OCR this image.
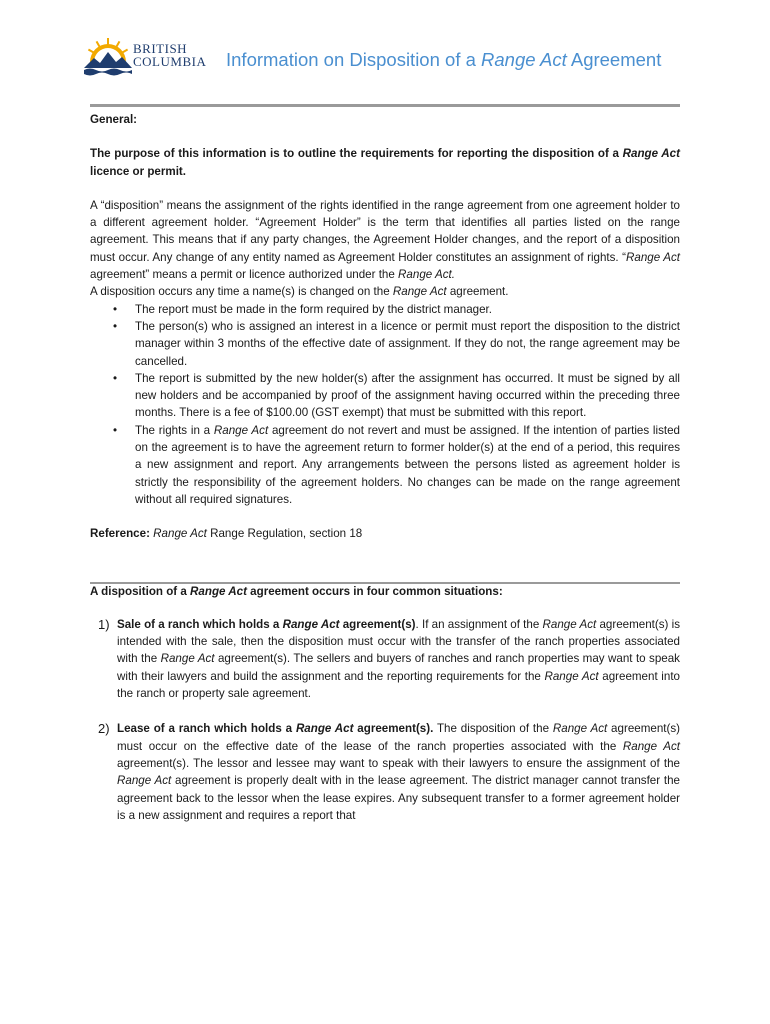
BRITISH
COLUMBIA Information on Disposition of a Range Act Agreement

General:

The purpose of this information is to outline the requirements for reporting the disposition of a Range Act licence or permit.

A “disposition” means the assignment of the rights identified in the range agreement from one agreement holder to a different agreement holder. “Agreement Holder” is the term that identifies all parties listed on the range agreement. This means that if any party changes, the Agreement Holder changes, and the report of a disposition must occur. Any change of any entity named as Agreement Holder constitutes an assignment of rights. “Range Act agreement” means a permit or licence authorized under the Range Act.

A disposition occurs any time a name(s) is changed on the Range Act agreement.

• The report must be made in the form required by the district manager.
• The person(s) who is assigned an interest in a licence or permit must report the disposition to the district manager within 3 months of the effective date of assignment. If they do not, the range agreement may be cancelled.
• The report is submitted by the new holder(s) after the assignment has occurred. It must be signed by all new holders and be accompanied by proof of the assignment having occurred within the preceding three months. There is a fee of $100.00 (GST exempt) that must be submitted with this report.
• The rights in a Range Act agreement do not revert and must be assigned. If the intention of parties listed on the agreement is to have the agreement return to former holder(s) at the end of a period, this requires a new assignment and report. Any arrangements between the persons listed as agreement holder is strictly the responsibility of the agreement holders. No changes can be made on the range agreement without all required signatures.

Reference: Range Act Range Regulation, section 18

A disposition of a Range Act agreement occurs in four common situations:

1) Sale of a ranch which holds a Range Act agreement(s). If an assignment of the Range Act agreement(s) is intended with the sale, then the disposition must occur with the transfer of the ranch properties associated with the Range Act agreement(s). The sellers and buyers of ranches and ranch properties may want to speak with their lawyers and build the assignment and the reporting requirements for the Range Act agreement into the ranch or property sale agreement.
2) Lease of a ranch which holds a Range Act agreement(s). The disposition of the Range Act agreement(s) must occur on the effective date of the lease of the ranch properties associated with the Range Act agreement(s). The lessor and lessee may want to speak with their lawyers to ensure the assignment of the Range Act agreement is properly dealt with in the lease agreement. The district manager cannot transfer the agreement back to the lessor when the lease expires. Any subsequent transfer to a former agreement holder is a new assignment and requires a report that
